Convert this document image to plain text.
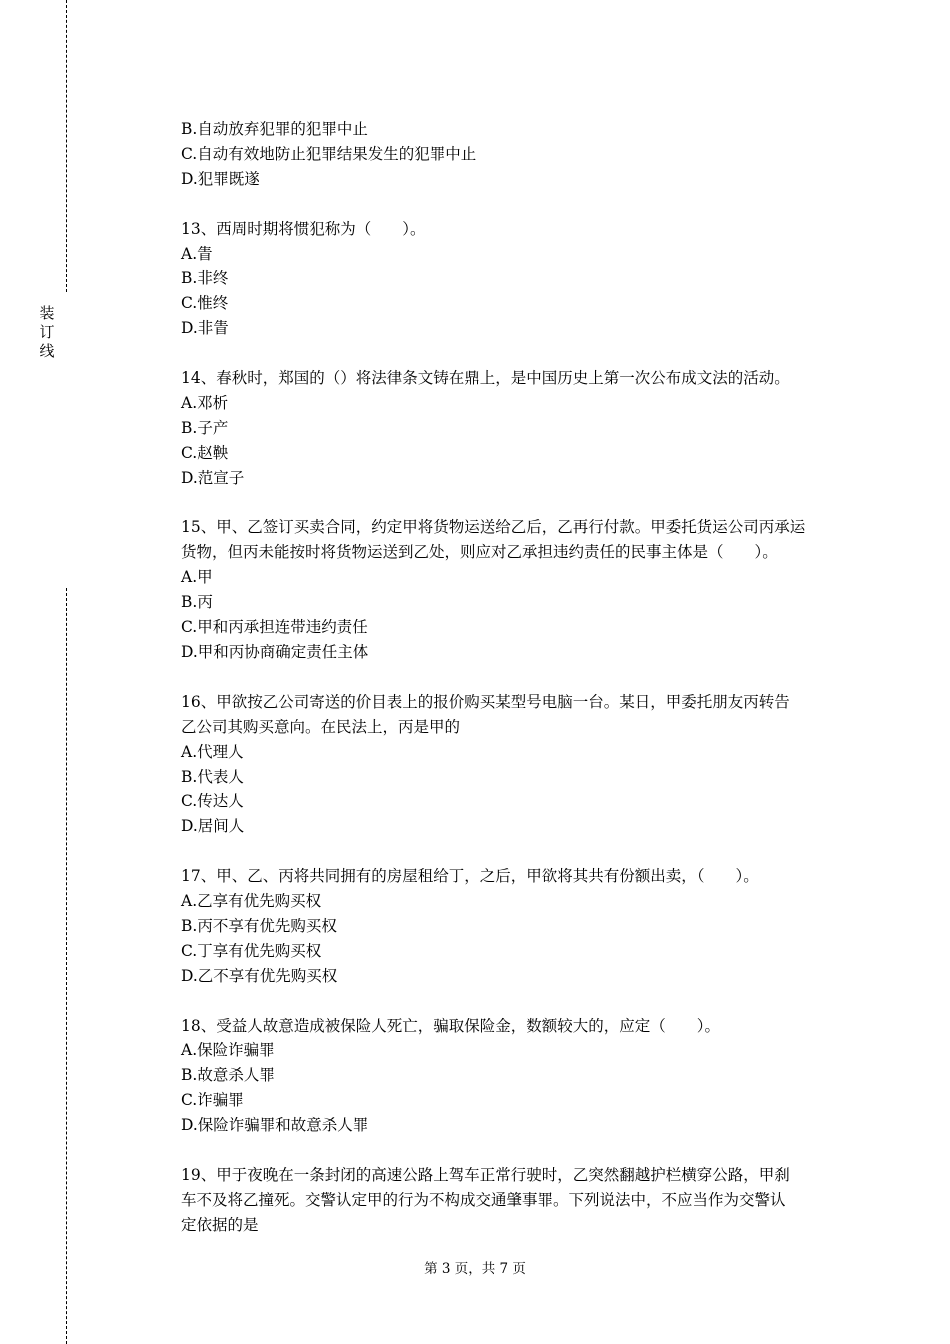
装
订
线
B.自动放弃犯罪的犯罪中止
C.自动有效地防止犯罪结果发生的犯罪中止
D.犯罪既遂
13、西周时期将惯犯称为（　　）。
A.眚
B.非终
C.惟终
D.非眚
14、春秋时，郑国的（）将法律条文铸在鼎上，是中国历史上第一次公布成文法的活动。
A.邓析
B.子产
C.赵鞅
D.范宣子
15、甲、乙签订买卖合同，约定甲将货物运送给乙后，乙再行付款。甲委托货运公司丙承运
货物，但丙未能按时将货物运送到乙处，则应对乙承担违约责任的民事主体是（　　）。
A.甲
B.丙
C.甲和丙承担连带违约责任
D.甲和丙协商确定责任主体
16、甲欲按乙公司寄送的价目表上的报价购买某型号电脑一台。某日，甲委托朋友丙转告
乙公司其购买意向。在民法上，丙是甲的
A.代理人
B.代表人
C.传达人
D.居间人
17、甲、乙、丙将共同拥有的房屋租给丁，之后，甲欲将其共有份额出卖，（　　）。
A.乙享有优先购买权
B.丙不享有优先购买权
C.丁享有优先购买权
D.乙不享有优先购买权
18、受益人故意造成被保险人死亡，骗取保险金，数额较大的，应定（　　）。
A.保险诈骗罪
B.故意杀人罪
C.诈骗罪
D.保险诈骗罪和故意杀人罪
19、甲于夜晚在一条封闭的高速公路上驾车正常行驶时，乙突然翻越护栏横穿公路，甲刹
车不及将乙撞死。交警认定甲的行为不构成交通肇事罪。下列说法中，不应当作为交警认
定依据的是
第 3 页，共 7 页
